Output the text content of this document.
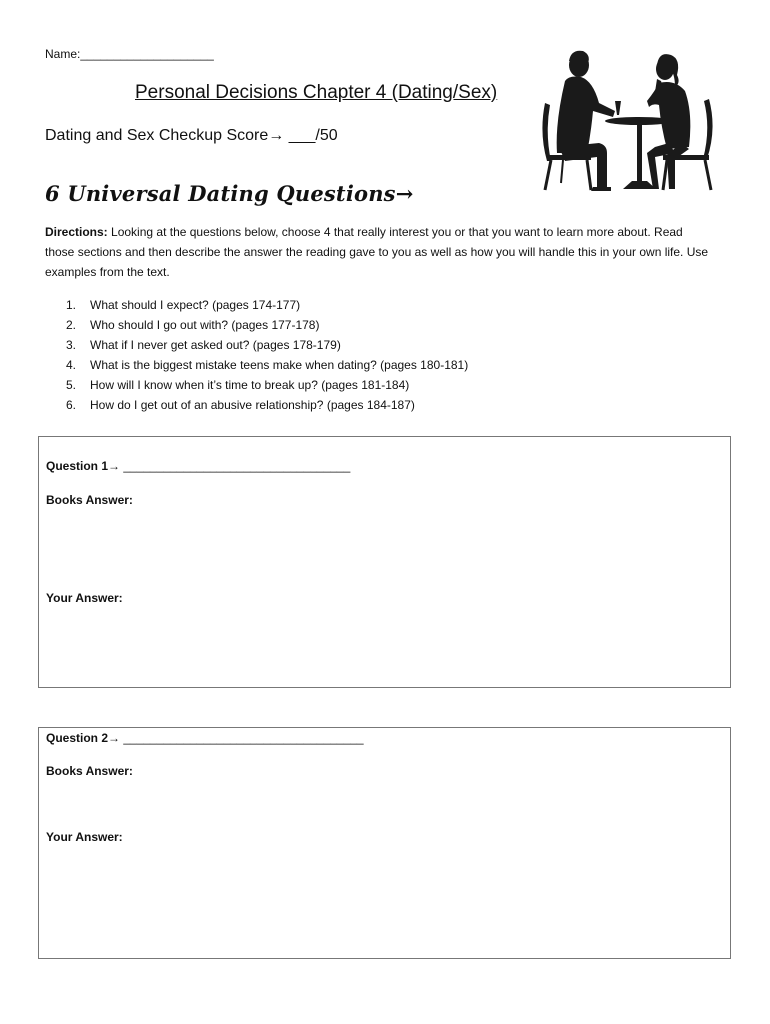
Name:____________________
Personal Decisions Chapter 4 (Dating/Sex)
Dating and Sex Checkup Score→ ___/50
6 Universal Dating Questions→
Directions: Looking at the questions below, choose 4 that really interest you or that you want to learn more about. Read those sections and then describe the answer the reading gave to you as well as how you will handle this in your own life. Use examples from the text.
1.	What should I expect? (pages 174-177)
2.	Who should I go out with? (pages 177-178)
3.	What if I never get asked out? (pages 178-179)
4.	What is the biggest mistake teens make when dating? (pages 180-181)
5.	How will I know when it’s time to break up? (pages 181-184)
6.	How do I get out of an abusive relationship? (pages 184-187)
Question 1→ __________________________________
Books Answer:
Your Answer:
Question 2→ ____________________________________
Books Answer:
Your Answer:
